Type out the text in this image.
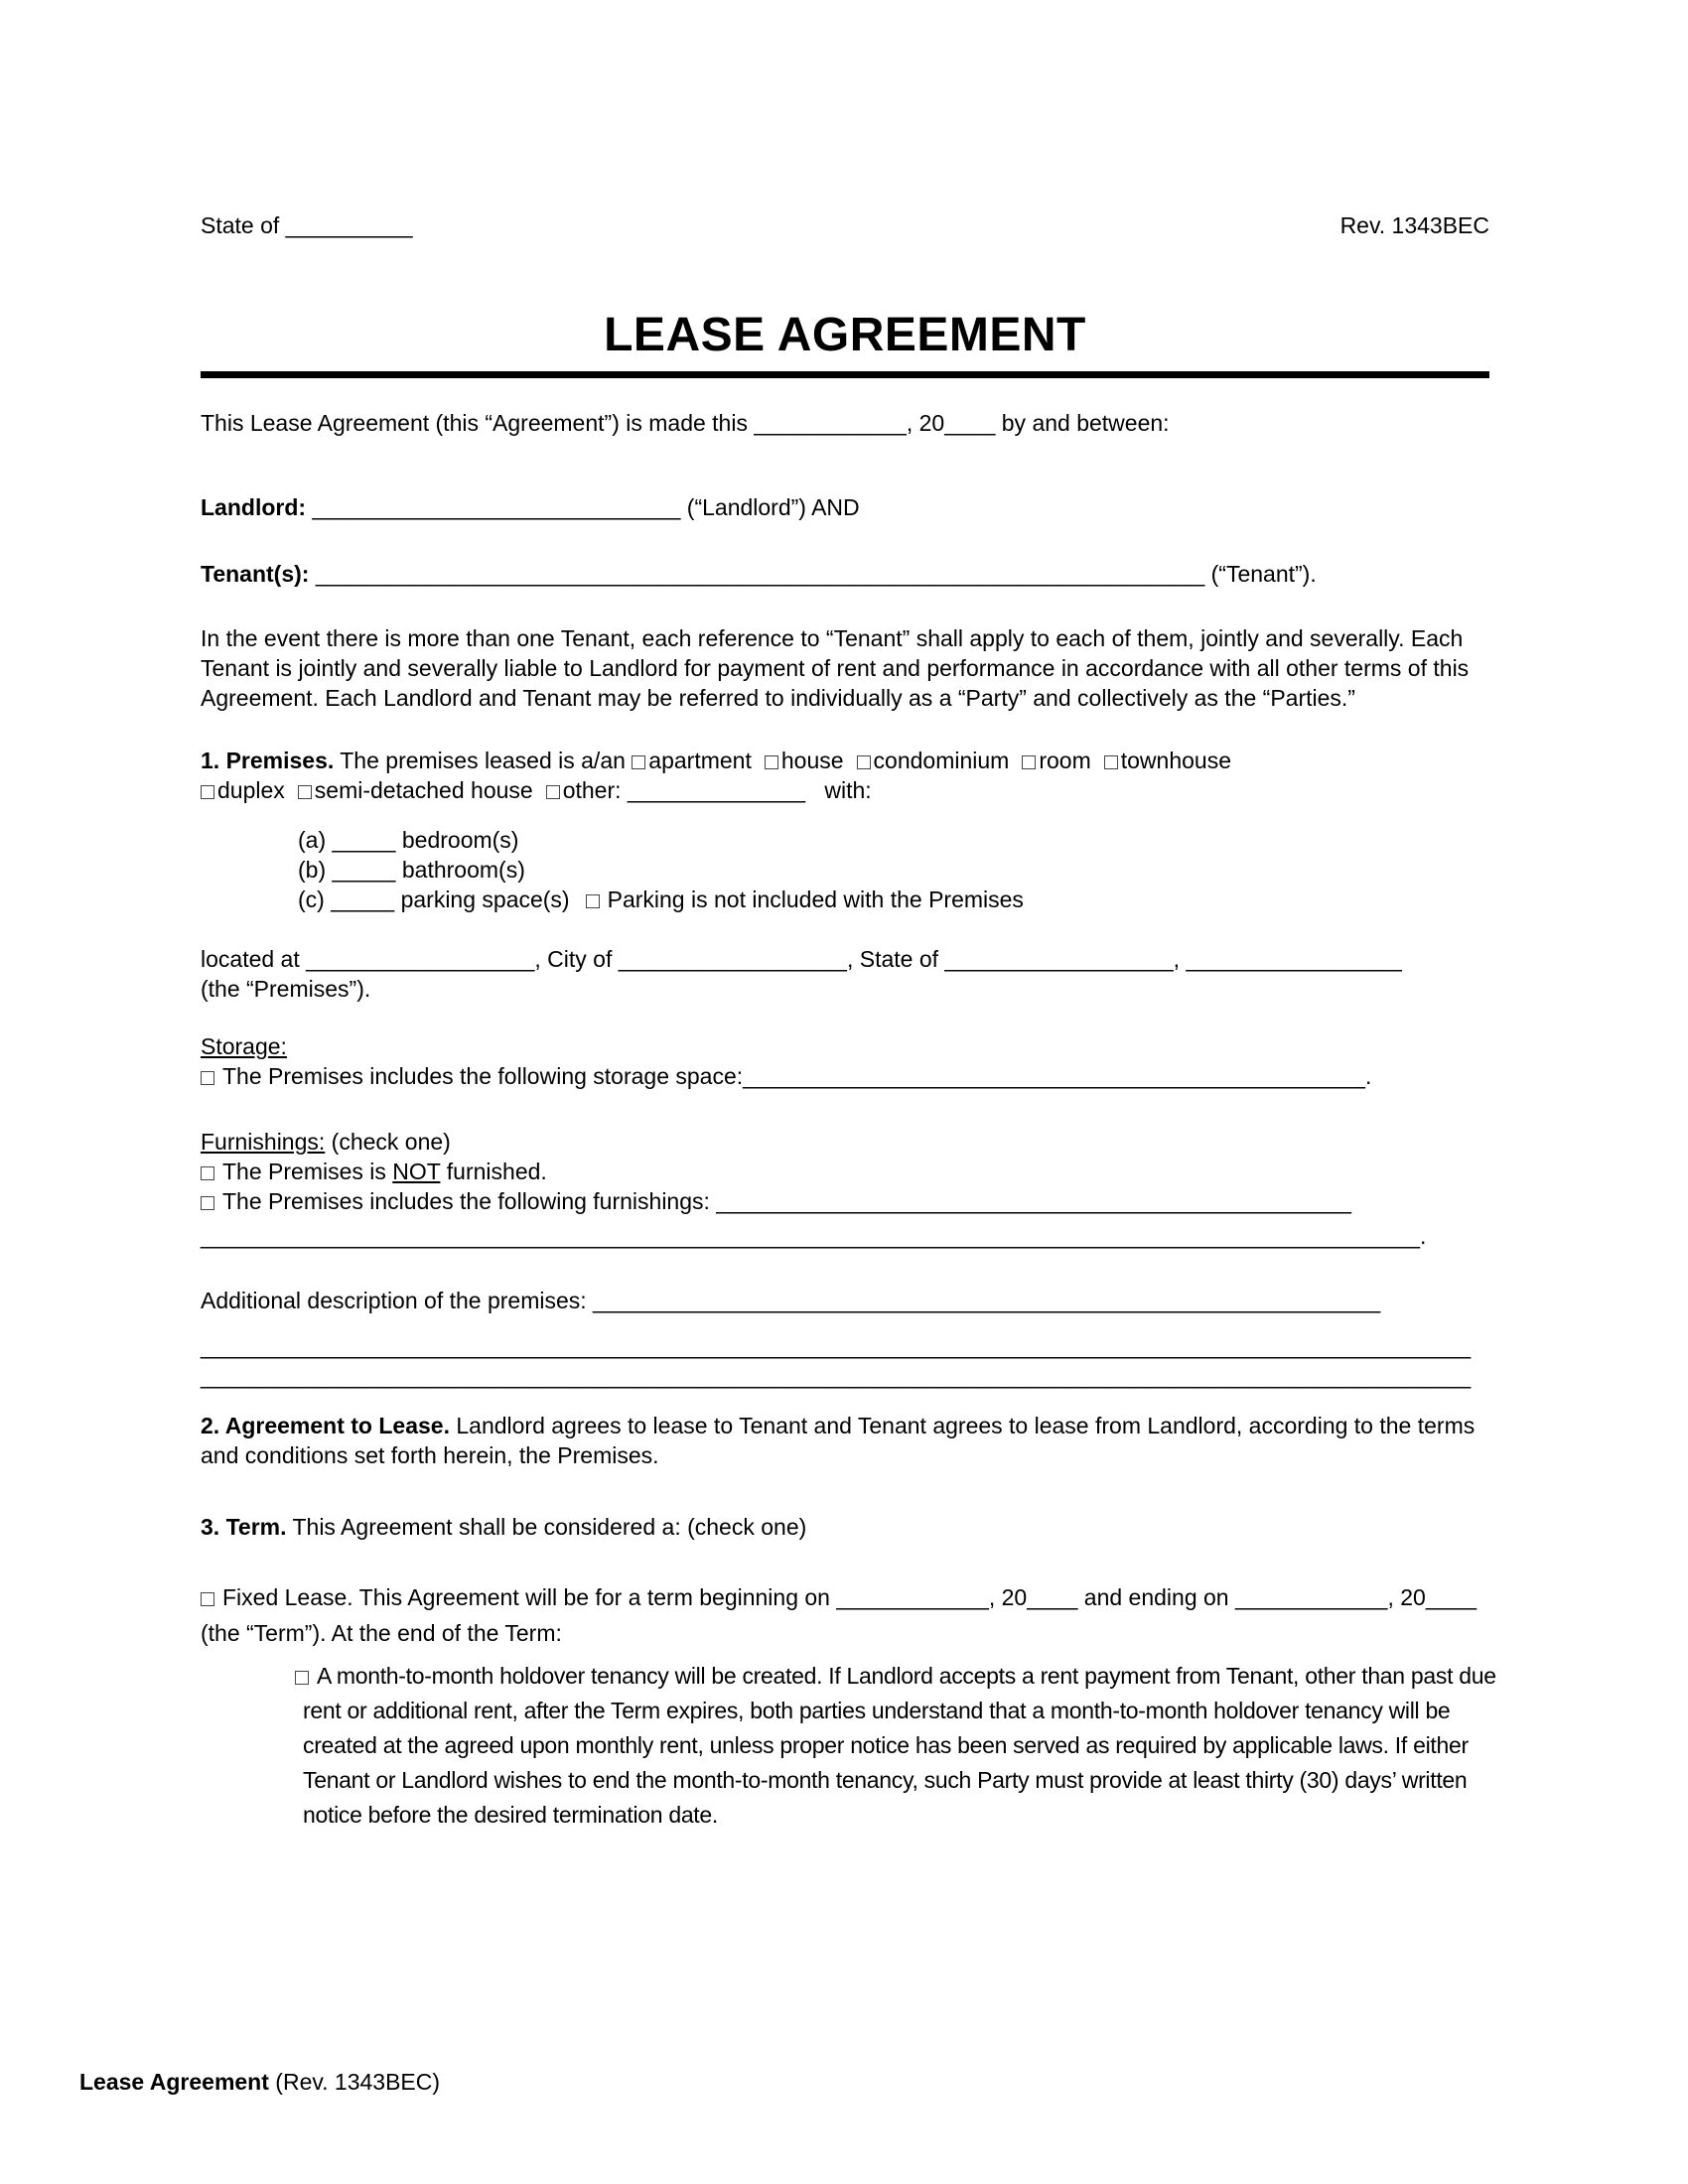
State of __________	Rev. 1343BEC
LEASE AGREEMENT

This Lease Agreement (this “Agreement”) is made this ____________, 20____ by and between:

Landlord: _____________________________ (“Landlord”) AND

Tenant(s): ______________________________________________________________________ (“Tenant”).

In the event there is more than one Tenant, each reference to “Tenant” shall apply to each of them, jointly and severally. Each Tenant is jointly and severally liable to Landlord for payment of rent and performance in accordance with all other terms of this Agreement. Each Landlord and Tenant may be referred to individually as a “Party” and collectively as the “Parties.”

1. Premises. The premises leased is a/an apartment house condominium room townhouse
duplex semi-detached house other: ______________ with:

(a) _____ bedroom(s)

(b) _____ bathroom(s)

(c) _____ parking space(s) Parking is not included with the Premises

located at __________________, City of __________________, State of __________________, _________________
(the “Premises”).

Storage:
The Premises includes the following storage space:_________________________________________________.

Furnishings: (check one)
The Premises is NOT furnished.
The Premises includes the following furnishings: __________________________________________________

________________________________________________________________________________________________.

Additional description of the premises: ______________________________________________________________

____________________________________________________________________________________________________

____________________________________________________________________________________________________

2. Agreement to Lease. Landlord agrees to lease to Tenant and Tenant agrees to lease from Landlord, according to the terms and conditions set forth herein, the Premises.

3. Term. This Agreement shall be considered a: (check one)

Fixed Lease. This Agreement will be for a term beginning on ____________, 20____ and ending on ____________, 20____ (the “Term”). At the end of the Term:

A month-to-month holdover tenancy will be created. If Landlord accepts a rent payment from Tenant, other than past due rent or additional rent, after the Term expires, both parties understand that a month-to-month holdover tenancy will be created at the agreed upon monthly rent, unless proper notice has been served as required by applicable laws. If either Tenant or Landlord wishes to end the month-to-month tenancy, such Party must provide at least thirty (30) days’ written notice before the desired termination date.

Lease Agreement (Rev. 1343BEC)
